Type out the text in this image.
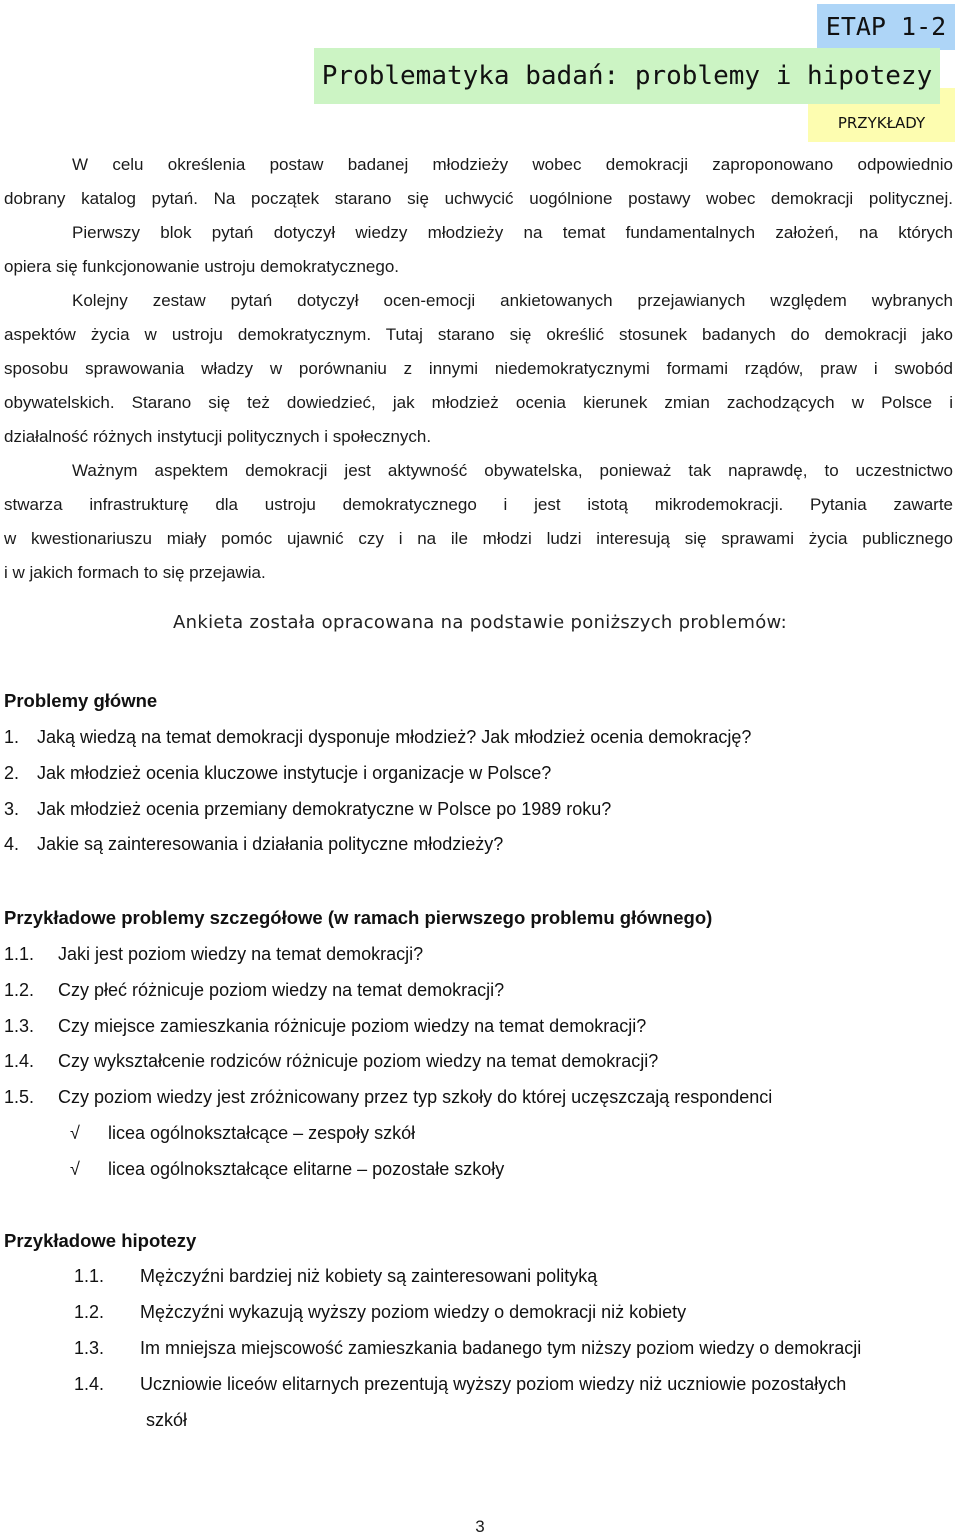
ETAP 1-2
Problematyka badań: problemy i hipotezy
PRZYKŁADY
W celu określenia postaw badanej młodzieży wobec demokracji zaproponowano odpowiednio
dobrany katalog pytań. Na początek starano się uchwycić uogólnione postawy wobec demokracji politycznej.
Pierwszy blok pytań dotyczył wiedzy młodzieży na temat fundamentalnych założeń, na których
opiera się funkcjonowanie ustroju demokratycznego.
Kolejny zestaw pytań dotyczył ocen-emocji ankietowanych przejawianych względem wybranych
aspektów życia w ustroju demokratycznym. Tutaj starano się określić stosunek badanych do demokracji jako
sposobu sprawowania władzy w porównaniu z innymi niedemokratycznymi formami rządów, praw i swobód
obywatelskich. Starano się też dowiedzieć, jak młodzież ocenia kierunek zmian zachodzących w Polsce i
działalność różnych instytucji politycznych i społecznych.
Ważnym aspektem demokracji jest aktywność obywatelska, ponieważ tak naprawdę, to uczestnictwo
stwarza infrastrukturę dla ustroju demokratycznego i jest istotą mikrodemokracji. Pytania zawarte
w kwestionariuszu miały pomóc ujawnić czy i na ile młodzi ludzi interesują się sprawami życia publicznego
i w jakich formach to się przejawia.
Ankieta została opracowana na podstawie poniższych problemów:
Problemy główne
1. Jaką wiedzą na temat demokracji dysponuje młodzież? Jak młodzież ocenia demokrację?
2. Jak młodzież ocenia kluczowe instytucje i organizacje w Polsce?
3. Jak młodzież ocenia przemiany demokratyczne w Polsce po 1989 roku?
4. Jakie są zainteresowania i działania polityczne młodzieży?
Przykładowe problemy szczegółowe (w ramach pierwszego problemu głównego)
1.1. Jaki jest poziom wiedzy na temat demokracji?
1.2. Czy płeć różnicuje poziom wiedzy na temat demokracji?
1.3. Czy miejsce zamieszkania różnicuje poziom wiedzy na temat demokracji?
1.4. Czy wykształcenie rodziców różnicuje poziom wiedzy na temat demokracji?
1.5. Czy poziom wiedzy jest zróżnicowany przez typ szkoły do której uczęszczają respondenci
√ licea ogólnokształcące – zespoły szkół
√ licea ogólnokształcące elitarne – pozostałe szkoły
Przykładowe hipotezy
1.1. Mężczyźni bardziej niż kobiety są zainteresowani polityką
1.2. Mężczyźni wykazują wyższy poziom wiedzy o demokracji niż kobiety
1.3. Im mniejsza miejscowość zamieszkania badanego tym niższy poziom wiedzy o demokracji
1.4. Uczniowie liceów elitarnych prezentują wyższy poziom wiedzy niż uczniowie pozostałych
szkół
3
